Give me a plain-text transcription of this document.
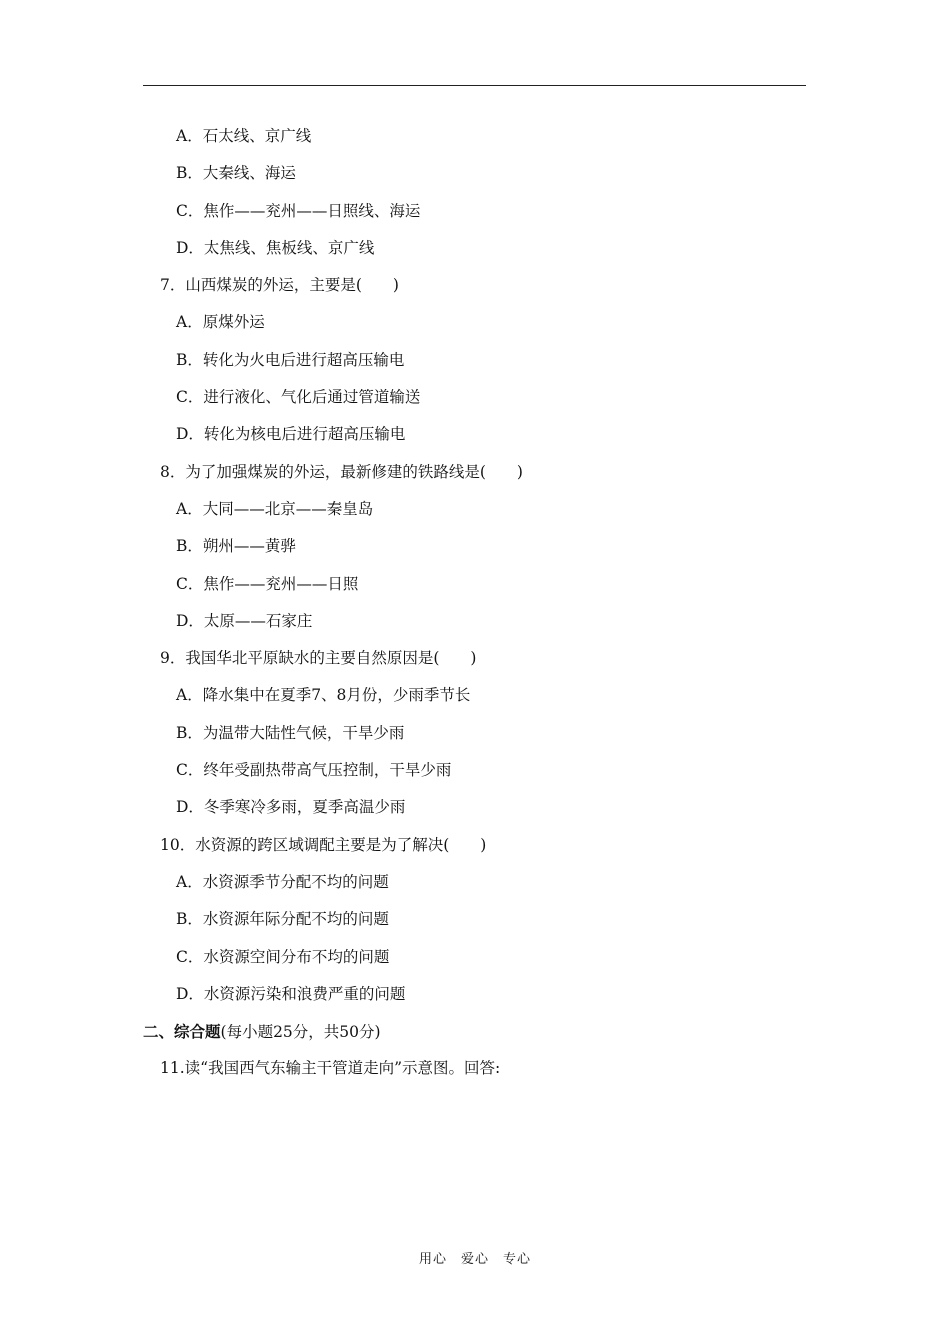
A．石太线、京广线
B．大秦线、海运
C．焦作——兖州——日照线、海运
D．太焦线、焦板线、京广线
7．山西煤炭的外运，主要是(　　)
A．原煤外运
B．转化为火电后进行超高压输电
C．进行液化、气化后通过管道输送
D．转化为核电后进行超高压输电
8．为了加强煤炭的外运，最新修建的铁路线是(　　)
A．大同——北京——秦皇岛
B．朔州——黄骅
C．焦作——兖州——日照
D．太原——石家庄
9．我国华北平原缺水的主要自然原因是(　　)
A．降水集中在夏季7、8月份，少雨季节长
B．为温带大陆性气候，干旱少雨
C．终年受副热带高气压控制，干旱少雨
D．冬季寒冷多雨，夏季高温少雨
10．水资源的跨区域调配主要是为了解决(　　)
A．水资源季节分配不均的问题
B．水资源年际分配不均的问题
C．水资源空间分布不均的问题
D．水资源污染和浪费严重的问题
二、综合题(每小题25分，共50分)
11.读“我国西气东输主干管道走向”示意图。回答:
用心　爱心　专心
